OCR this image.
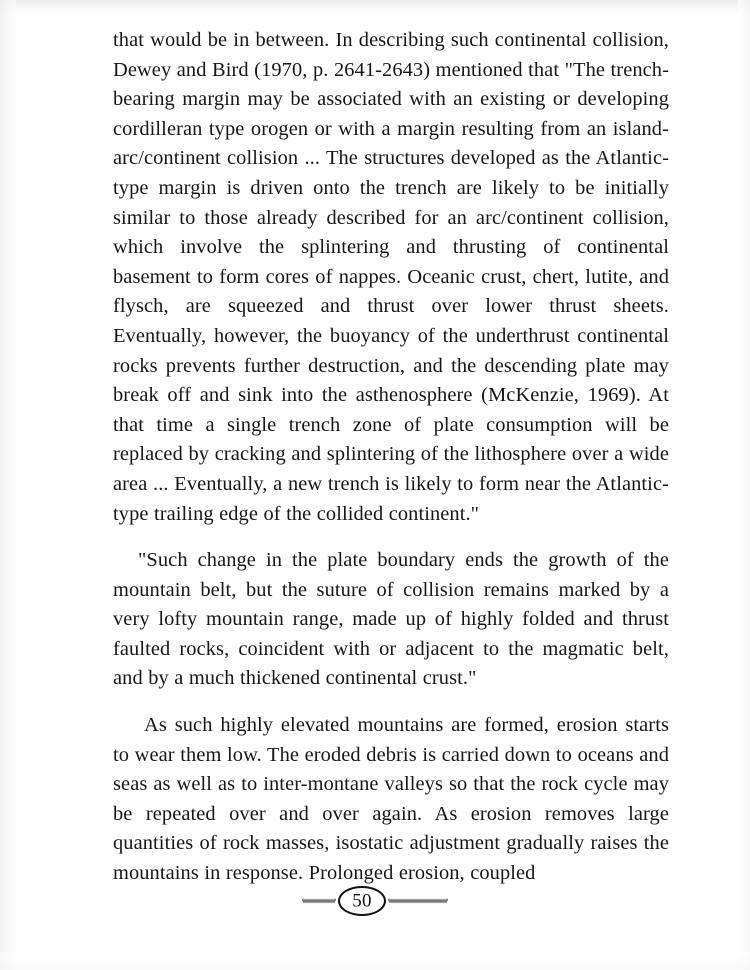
that would be in between. In describing such continental collision, Dewey and Bird (1970, p. 2641-2643) mentioned that "The trench-bearing margin may be associated with an existing or developing cordilleran type orogen or with a margin resulting from an island-arc/continent collision ... The structures developed as the Atlantic-type margin is driven onto the trench are likely to be initially similar to those already described for an arc/continent collision, which involve the splintering and thrusting of continental basement to form cores of nappes. Oceanic crust, chert, lutite, and flysch, are squeezed and thrust over lower thrust sheets. Eventually, however, the buoyancy of the underthrust continental rocks prevents further destruction, and the descending plate may break off and sink into the asthenosphere (McKenzie, 1969). At that time a single trench zone of plate consumption will be replaced by cracking and splintering of the lithosphere over a wide area ... Eventually, a new trench is likely to form near the Atlantic-type trailing edge of the collided continent."

"Such change in the plate boundary ends the growth of the mountain belt, but the suture of collision remains marked by a very lofty mountain range, made up of highly folded and thrust faulted rocks, coincident with or adjacent to the magmatic belt, and by a much thickened continental crust."

As such highly elevated mountains are formed, erosion starts to wear them low. The eroded debris is carried down to oceans and seas as well as to inter-montane valleys so that the rock cycle may be repeated over and over again. As erosion removes large quantities of rock masses, isostatic adjustment gradually raises the mountains in response. Prolonged erosion, coupled

50
